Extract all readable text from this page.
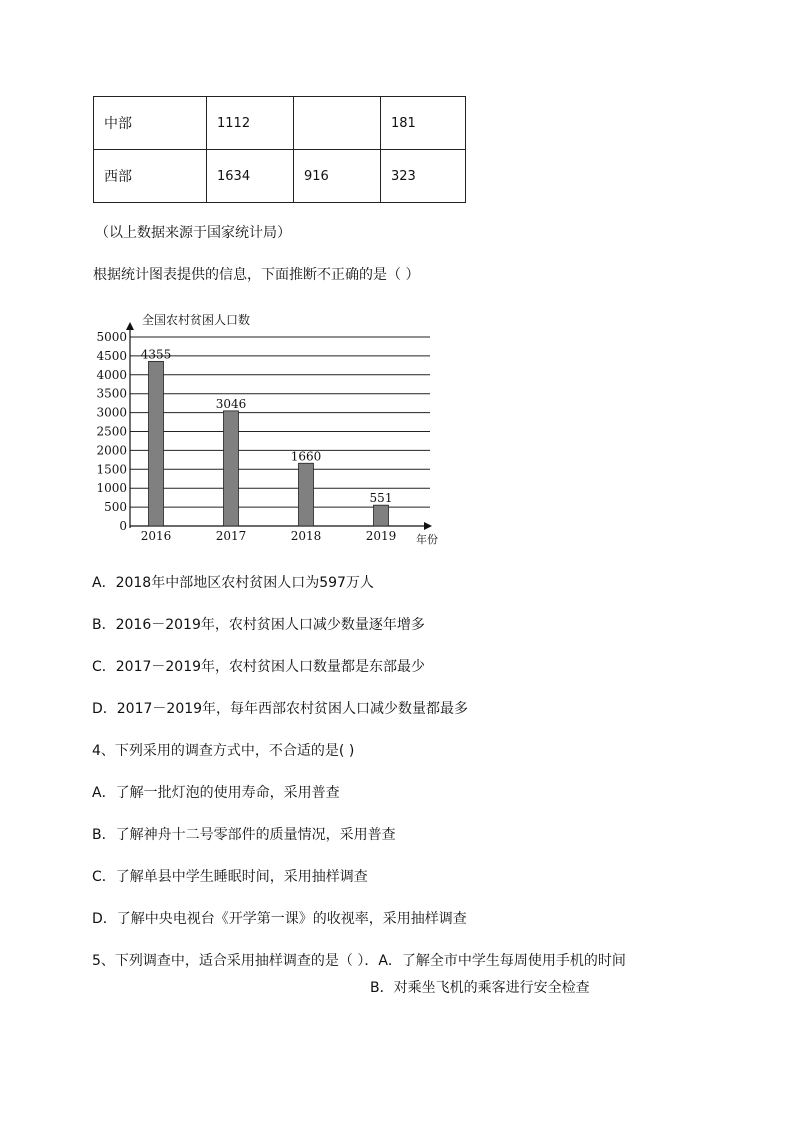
中部	1112		181
西部	1634	916	323
（以上数据来源于国家统计局）
根据统计图表提供的信息，下面推断不正确的是（ ）
全国农村贫困人口数
0
500
1000
1500
2000
2500
3000
3500
4000
4500
5000
4355
2016
3046
2017
1660
2018
551
2019 年份
A．2018年中部地区农村贫困人口为597万人
B．2016－2019年，农村贫困人口减少数量逐年增多
C．2017－2019年，农村贫困人口数量都是东部最少
D．2017－2019年，每年西部农村贫困人口减少数量都最多
4、下列采用的调查方式中，不合适的是( )
A．了解一批灯泡的使用寿命，采用普查
B．了解神舟十二号零部件的质量情况，采用普查
C．了解单县中学生睡眠时间，采用抽样调查
D．了解中央电视台《开学第一课》的收视率，采用抽样调查
5、下列调查中，适合采用抽样调查的是（ ）．A．了解全市中学生每周使用手机的时间
B．对乘坐飞机的乘客进行安全检查
